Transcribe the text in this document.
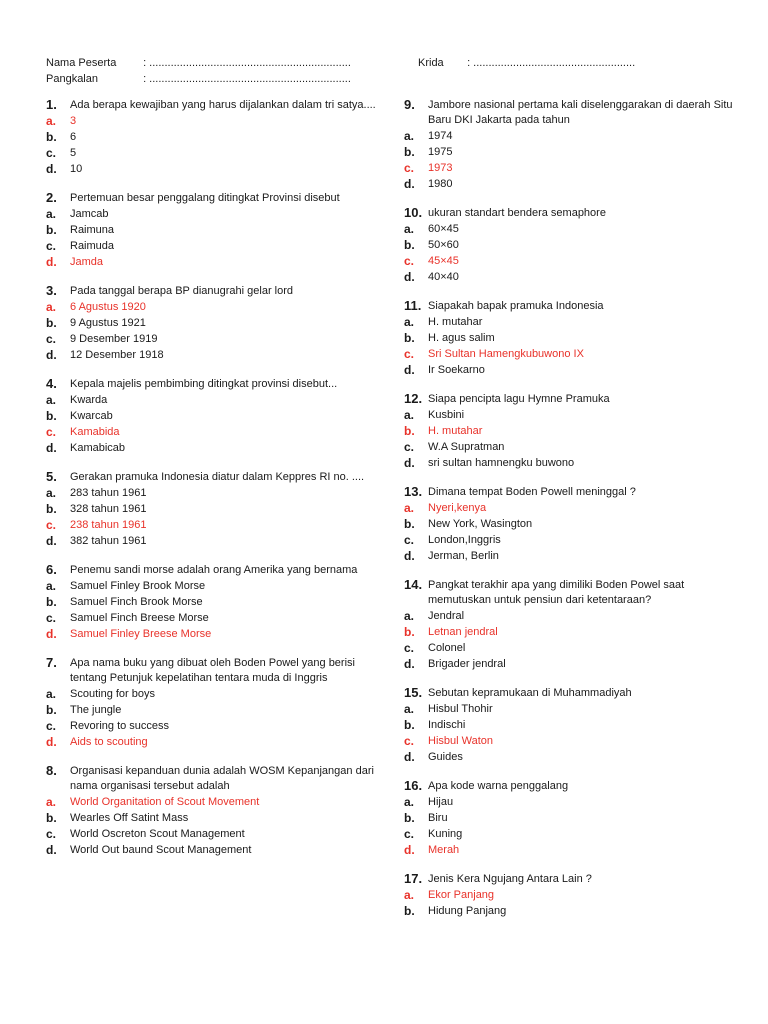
Nama Peserta : ..................................................................
Pangkalan	: ..................................................................
Krida : .....................................................
1.	Ada berapa kewajiban yang harus dijalankan dalam tri satya....
a.	3
b.	6
c.	5
d.	10
2.	Pertemuan besar penggalang ditingkat Provinsi disebut
a.	Jamcab
b.	Raimuna
c.	Raimuda
d.	Jamda
3.	Pada tanggal berapa BP dianugrahi gelar lord
a.	6 Agustus 1920
b.	9 Agustus 1921
c.	9 Desember 1919
d.	12 Desember 1918
4.	Kepala majelis pembimbing ditingkat provinsi disebut...
a.	Kwarda
b.	Kwarcab
c.	Kamabida
d.	Kamabicab
5.	Gerakan pramuka Indonesia diatur dalam Keppres RI no. ....
a.	283 tahun 1961
b.	328 tahun 1961
c.	238 tahun 1961
d.	382 tahun 1961
6.	Penemu sandi morse adalah orang Amerika yang bernama
a.	Samuel Finley Brook Morse
b.	Samuel Finch Brook Morse
c.	Samuel Finch Breese Morse
d.	Samuel Finley Breese Morse
7.	Apa nama buku yang dibuat oleh Boden Powel yang berisi tentang Petunjuk kepelatihan tentara muda di Inggris
a.	Scouting for boys
b.	The jungle
c.	Revoring to success
d.	Aids to scouting
8.	Organisasi kepanduan dunia adalah WOSM Kepanjangan dari nama organisasi tersebut adalah
a.	World Organitation of Scout Movement
b.	Wearles Off Satint Mass
c.	World Oscreton Scout Management
d.	World Out baund Scout Management
9.	Jambore nasional pertama kali diselenggarakan di daerah Situ Baru DKI Jakarta pada tahun
a.	1974
b.	1975
c.	1973
d.	1980
10. ukuran standart bendera semaphore
a.	60×45
b.	50×60
c.	45×45
d.	40×40
11. Siapakah bapak pramuka Indonesia
a.	H. mutahar
b.	H. agus salim
c.	Sri Sultan Hamengkubuwono IX
d.	Ir Soekarno
12. Siapa pencipta lagu Hymne Pramuka
a.	Kusbini
b.	H. mutahar
c.	W.A Supratman
d.	sri sultan hamnengku buwono
13. Dimana tempat Boden Powell meninggal ?
a.	Nyeri,kenya
b.	New York, Wasington
c.	London,Inggris
d.	Jerman, Berlin
14. Pangkat terakhir apa yang dimiliki Boden Powel saat memutuskan untuk pensiun dari ketentaraan?
a.	Jendral
b.	Letnan jendral
c.	Colonel
d.	Brigader jendral
15. Sebutan kepramukaan di Muhammadiyah
a.	Hisbul Thohir
b.	Indischi
c.	Hisbul Waton
d.	Guides
16. Apa kode warna penggalang
a.	Hijau
b.	Biru
c.	Kuning
d.	Merah
17. Jenis Kera Ngujang Antara Lain ?
a.	Ekor Panjang
b.	Hidung Panjang
